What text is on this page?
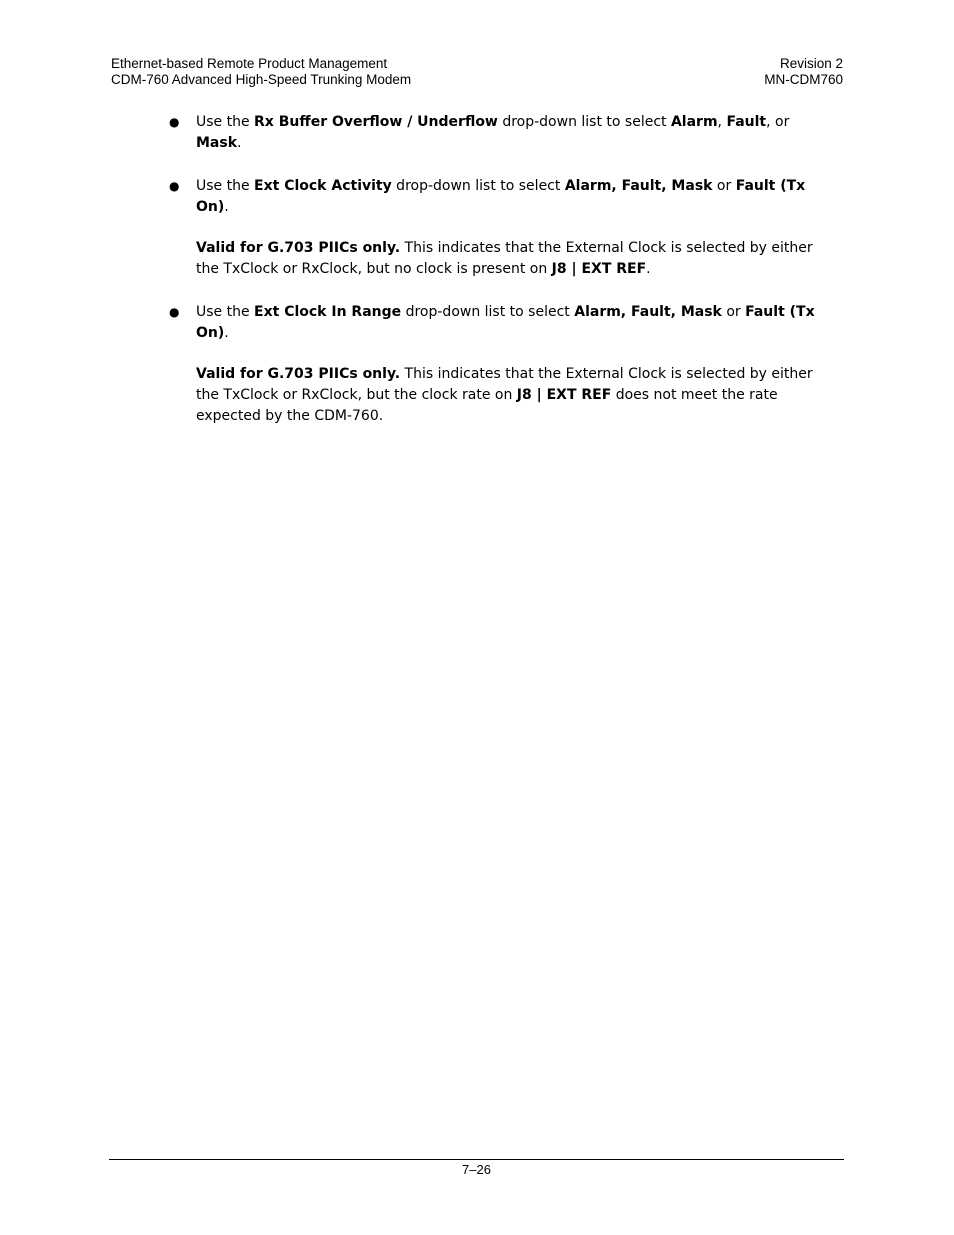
Ethernet-based Remote Product Management	Revision 2
CDM-760 Advanced High-Speed Trunking Modem	MN-CDM760
● Use the Rx Buffer Overflow / Underflow drop-down list to select Alarm, Fault, or Mask.
● Use the Ext Clock Activity drop-down list to select Alarm, Fault, Mask or Fault (Tx On).
Valid for G.703 PIICs only. This indicates that the External Clock is selected by either the TxClock or RxClock, but no clock is present on J8 | EXT REF.
● Use the Ext Clock In Range drop-down list to select Alarm, Fault, Mask or Fault (Tx On).
Valid for G.703 PIICs only. This indicates that the External Clock is selected by either the TxClock or RxClock, but the clock rate on J8 | EXT REF does not meet the rate expected by the CDM-760.
7–26
